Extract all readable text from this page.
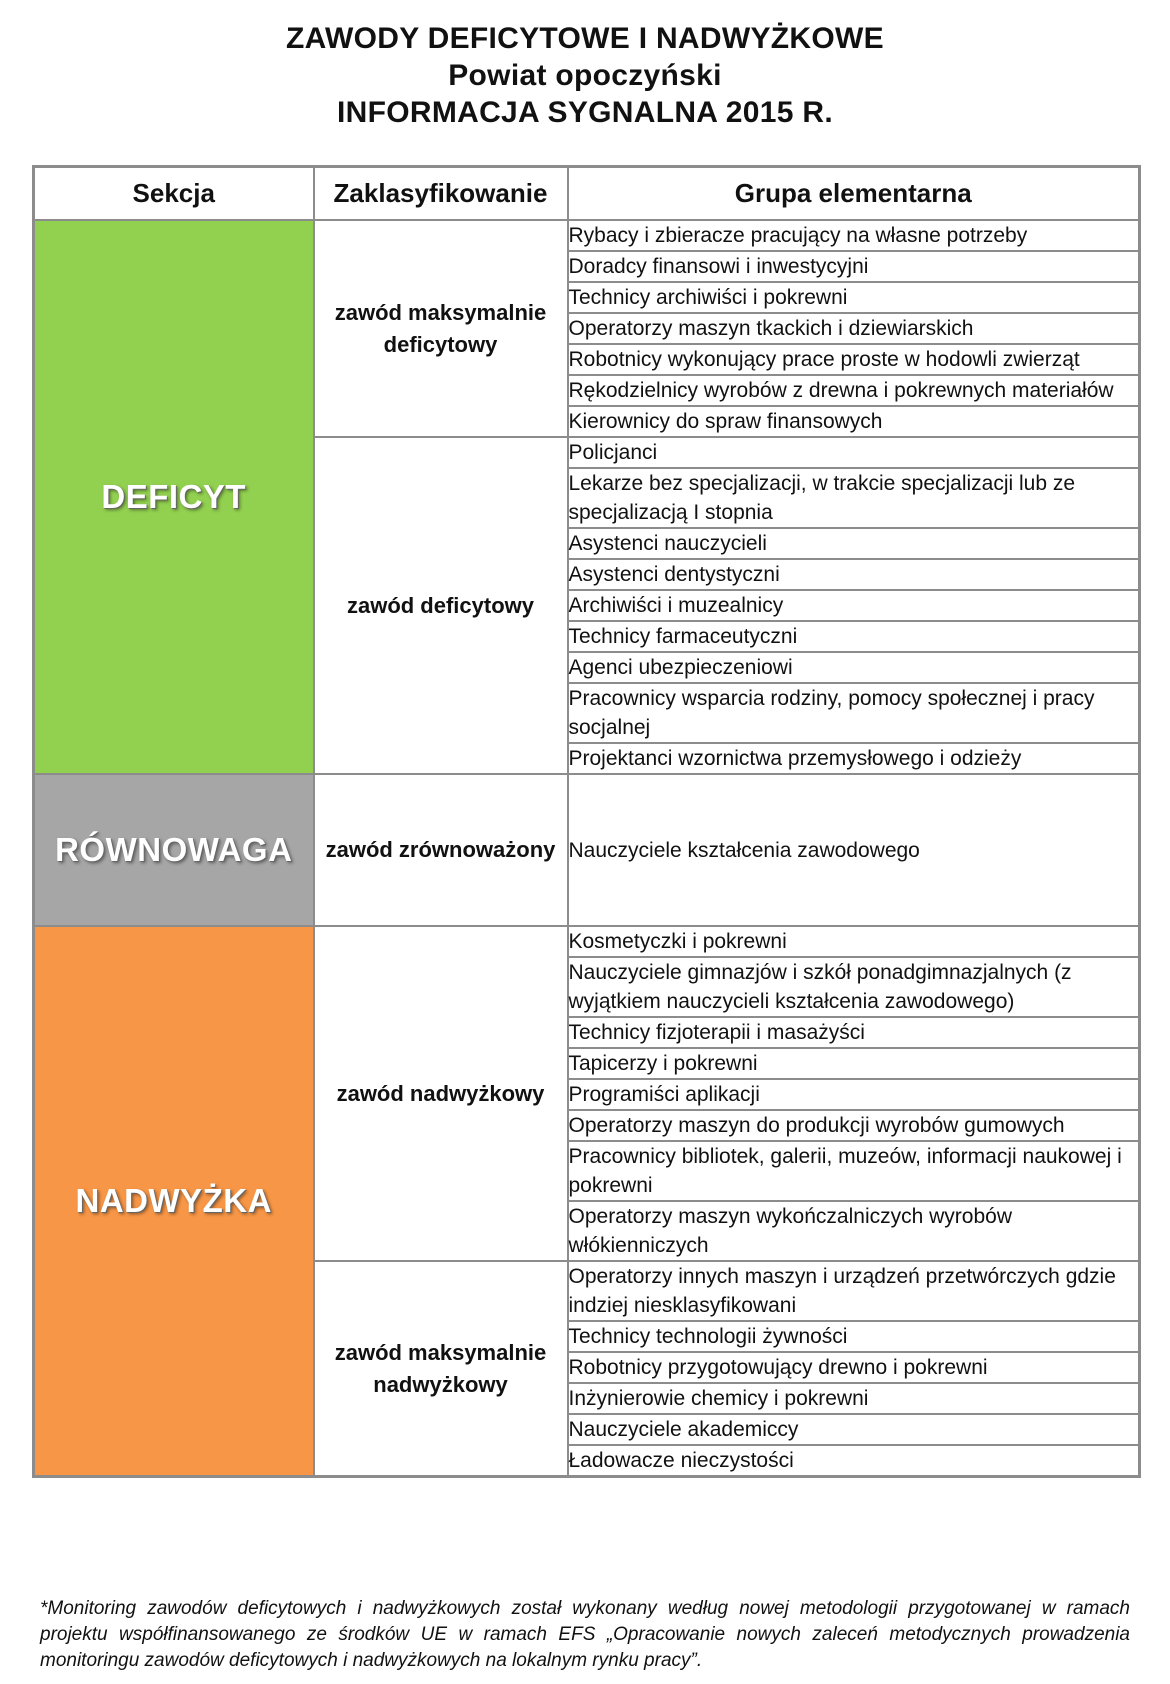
ZAWODY DEFICYTOWE I NADWYŻKOWE
Powiat opoczyński
INFORMACJA SYGNALNA 2015 R.
Sekcja	Zaklasyfikowanie	Grupa elementarna
DEFICYT	zawód maksymalnie deficytowy	Rybacy i zbieracze pracujący na własne potrzeby
		Doradcy finansowi i inwestycyjni
		Technicy archiwiści i pokrewni
		Operatorzy maszyn tkackich i dziewiarskich
		Robotnicy wykonujący prace proste w hodowli zwierząt
		Rękodzielnicy wyrobów z drewna i pokrewnych materiałów
		Kierownicy do spraw finansowych
	zawód deficytowy	Policjanci
		Lekarze bez specjalizacji, w trakcie specjalizacji lub ze specjalizacją I stopnia
		Asystenci nauczycieli
		Asystenci dentystyczni
		Archiwiści i muzealnicy
		Technicy farmaceutyczni
		Agenci ubezpieczeniowi
		Pracownicy wsparcia rodziny, pomocy społecznej i pracy socjalnej
		Projektanci wzornictwa przemysłowego i odzieży
RÓWNOWAGA	zawód zrównoważony	Nauczyciele kształcenia zawodowego
NADWYŻKA	zawód nadwyżkowy	Kosmetyczki i pokrewni
		Nauczyciele gimnazjów i szkół ponadgimnazjalnych (z wyjątkiem nauczycieli kształcenia zawodowego)
		Technicy fizjoterapii i masażyści
		Tapicerzy i pokrewni
		Programiści aplikacji
		Operatorzy maszyn do produkcji wyrobów gumowych
		Pracownicy bibliotek, galerii, muzeów, informacji naukowej i pokrewni
		Operatorzy maszyn wykończalniczych wyrobów włókienniczych
	zawód maksymalnie nadwyżkowy	Operatorzy innych maszyn i urządzeń przetwórczych gdzie indziej niesklasyfikowani
		Technicy technologii żywności
		Robotnicy przygotowujący drewno i pokrewni
		Inżynierowie chemicy i pokrewni
		Nauczyciele akademiccy
		Ładowacze nieczystości
*Monitoring zawodów deficytowych i nadwyżkowych został wykonany według nowej metodologii przygotowanej w ramach projektu współfinansowanego ze środków UE w ramach EFS „Opracowanie nowych zaleceń metodycznych prowadzenia monitoringu zawodów deficytowych i nadwyżkowych na lokalnym rynku pracy”.
